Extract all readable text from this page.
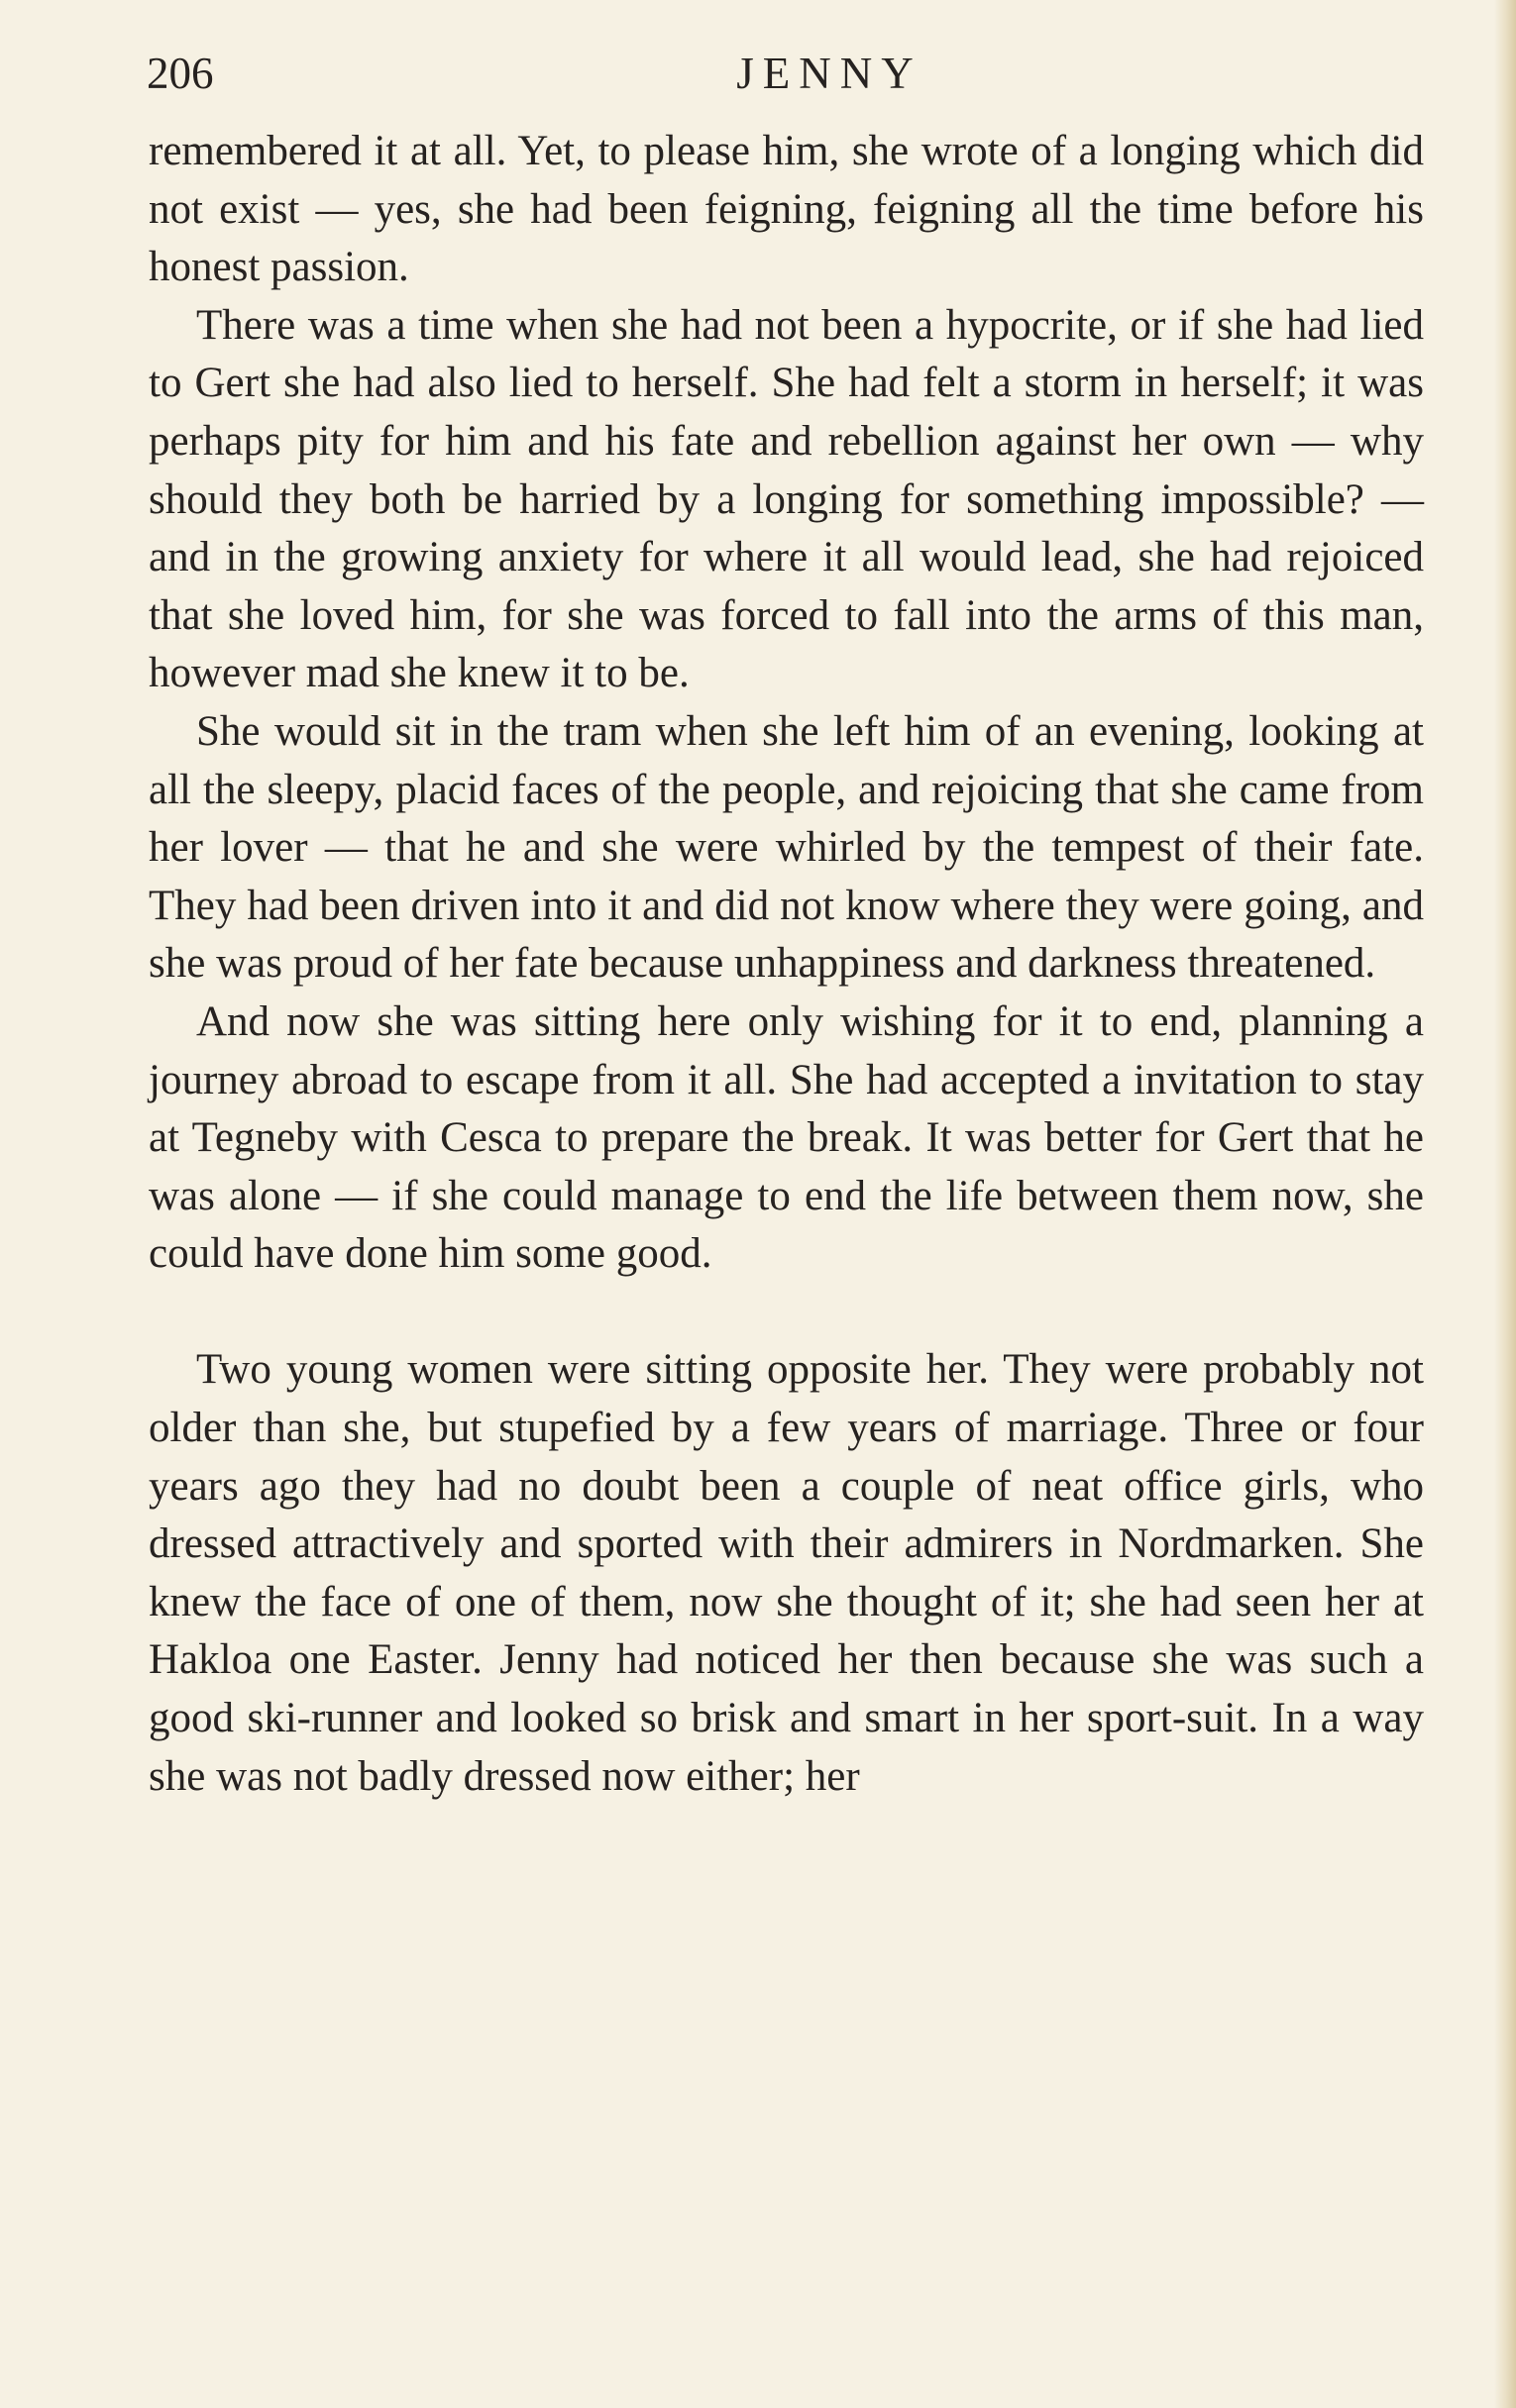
206	JENNY

remembered it at all. Yet, to please him, she wrote of a longing which did not exist — yes, she had been feigning, feigning all the time before his honest passion.

There was a time when she had not been a hypocrite, or if she had lied to Gert she had also lied to herself. She had felt a storm in herself; it was perhaps pity for him and his fate and rebellion against her own — why should they both be harried by a longing for something impossible? — and in the growing anxiety for where it all would lead, she had rejoiced that she loved him, for she was forced to fall into the arms of this man, however mad she knew it to be.

She would sit in the tram when she left him of an evening, looking at all the sleepy, placid faces of the people, and rejoicing that she came from her lover — that he and she were whirled by the tempest of their fate. They had been driven into it and did not know where they were going, and she was proud of her fate because unhappiness and darkness threatened.

And now she was sitting here only wishing for it to end, planning a journey abroad to escape from it all. She had accepted a invitation to stay at Tegneby with Cesca to prepare the break. It was better for Gert that he was alone — if she could manage to end the life between them now, she could have done him some good.

Two young women were sitting opposite her. They were probably not older than she, but stupefied by a few years of marriage. Three or four years ago they had no doubt been a couple of neat office girls, who dressed attractively and sported with their admirers in Nordmarken. She knew the face of one of them, now she thought of it; she had seen her at Hakloa one Easter. Jenny had noticed her then because she was such a good ski-runner and looked so brisk and smart in her sport-suit. In a way she was not badly dressed now either; her
